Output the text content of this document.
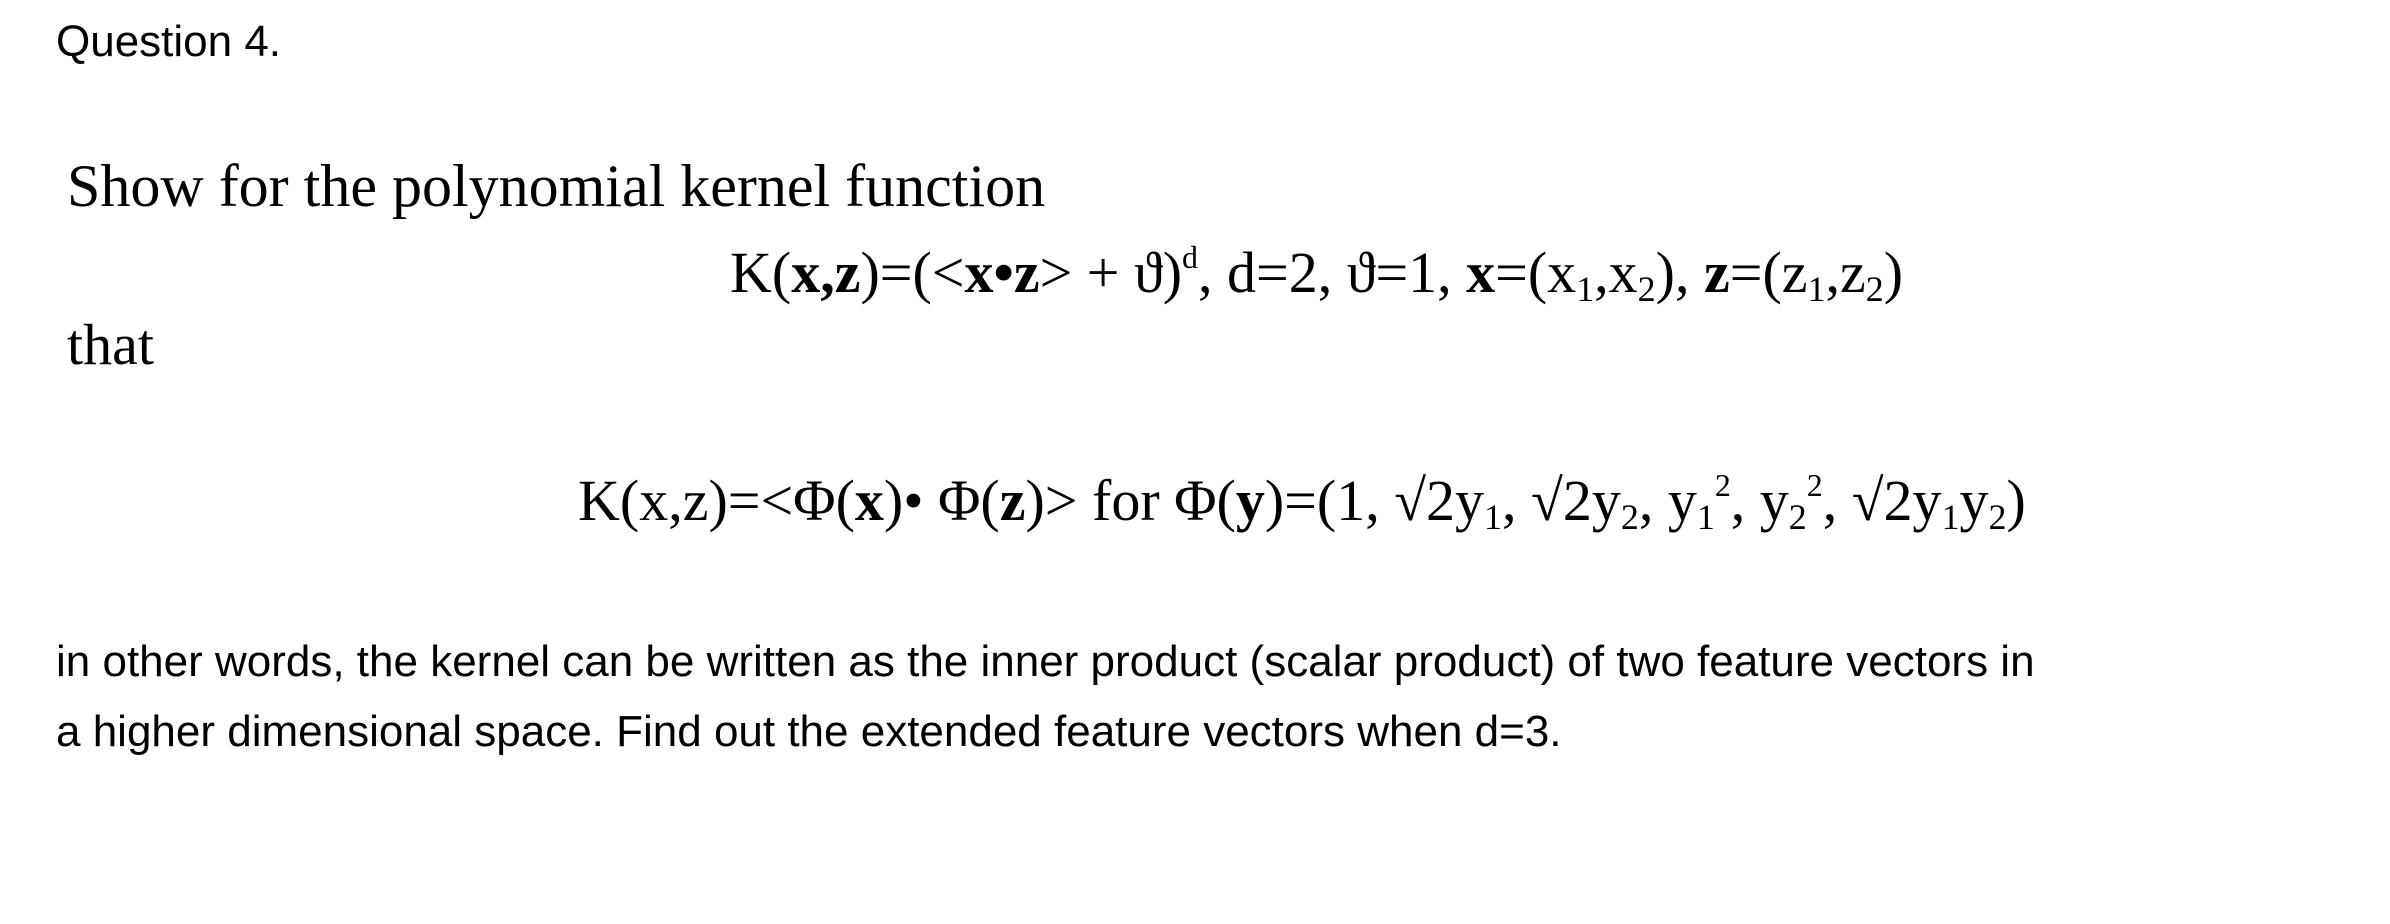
Question 4.
Show for the polynomial kernel function
K(x,z)=(<x•z> + ϑ)$^d$, d=2, ϑ=1, $x=(x_1,x_2)$, $z=(z_1,z_2)$
that
K(x,z)=<Φ(x)• Φ(z)> for Φ(y)=(1, $√2y_1$, $√2y_2$, $y_1^2$, $y_2^2$, $√2y_1y_2$)
in other words, the kernel can be written as the inner product (scalar product) of two feature vectors in
a higher dimensional space. Find out the extended feature vectors when d=3.
